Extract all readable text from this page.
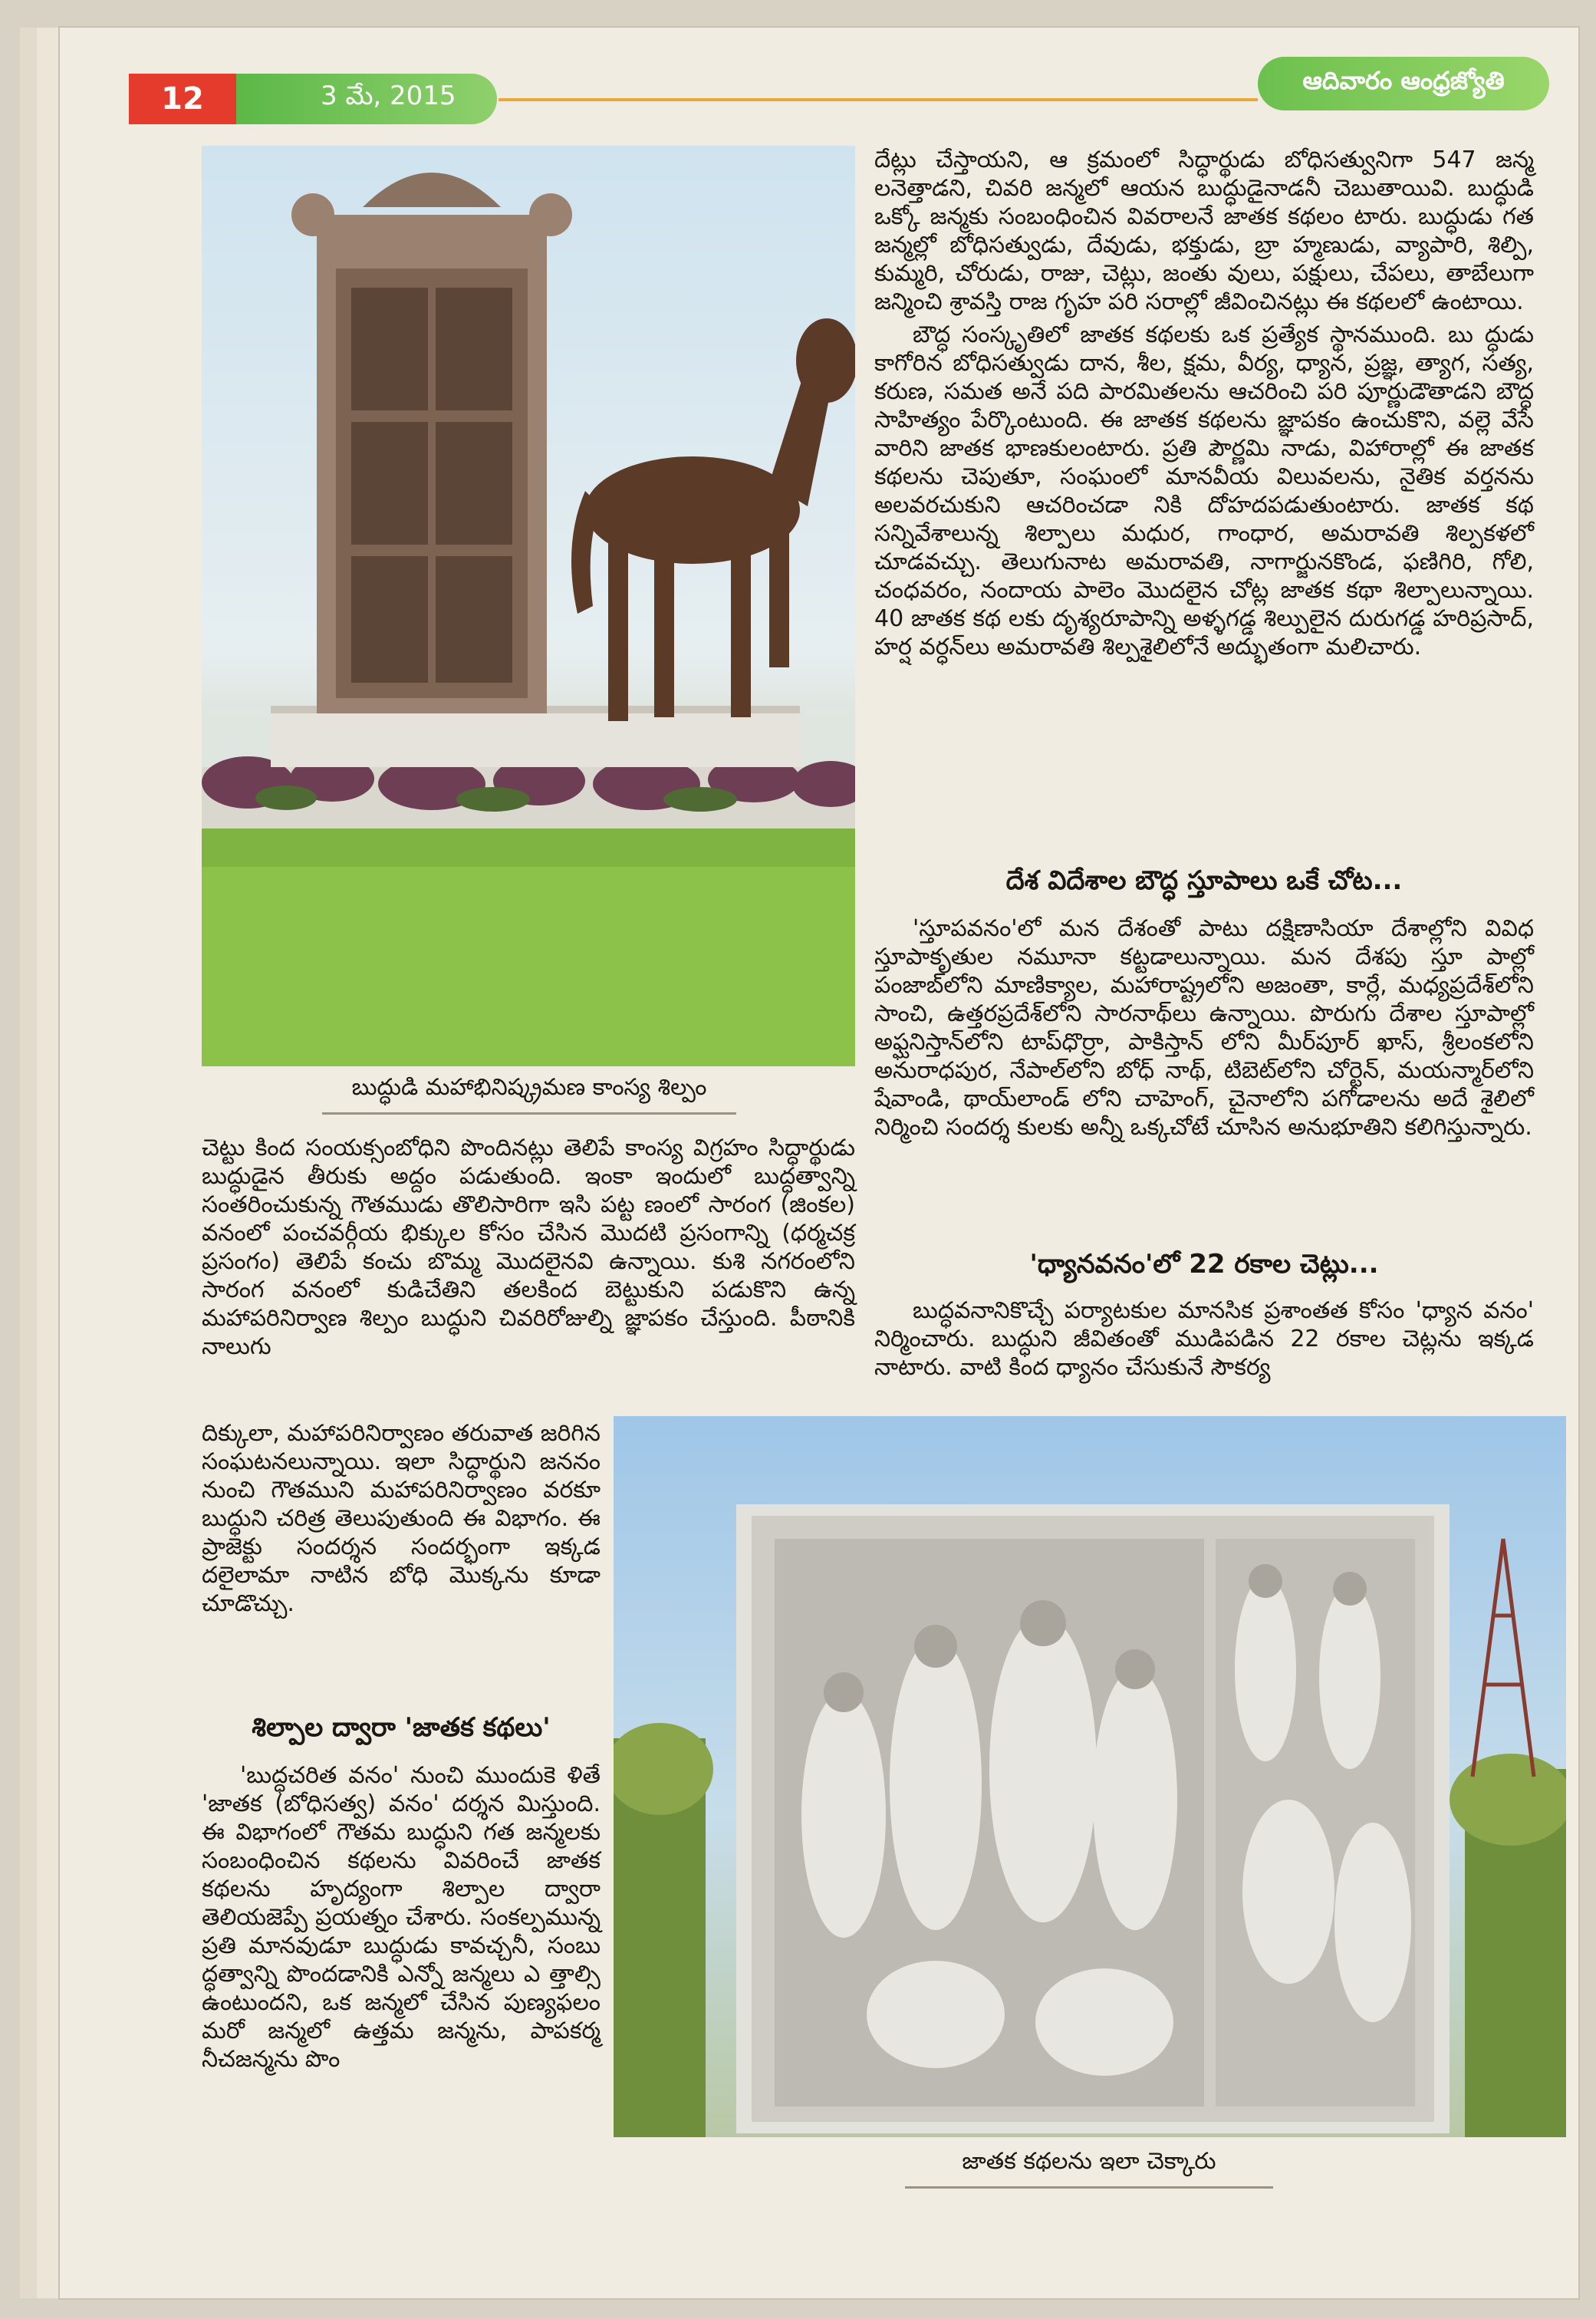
12	3 మే, 2015	ఆదివారం ఆంధ్రజ్యోతి
బుద్ధుడి మహాభినిష్క్రమణ కాంస్య శిల్పం

దేట్లు చేస్తాయని, ఆ క్రమంలో సిద్ధార్థుడు బోధిసత్వునిగా 547 జన్మ లనెత్తాడని, చివరి జన్మలో ఆయన బుద్ధుడైనాడనీ చెబుతాయివి. బుద్ధుడి ఒక్కో జన్మకు సంబంధించిన వివరాలనే జాతక కథలం టారు. బుద్ధుడు గత జన్మల్లో బోధిసత్వుడు, దేవుడు, భక్తుడు, బ్రా హ్మణుడు, వ్యాపారి, శిల్పి, కుమ్మరి, చోరుడు, రాజు, చెట్లు, జంతు వులు, పక్షులు, చేపలు, తాబేలుగా జన్మించి శ్రావస్తి రాజ గృహ పరి సరాల్లో జీవించినట్లు ఈ కథలలో ఉంటాయి.

బౌద్ధ సంస్కృతిలో జాతక కథలకు ఒక ప్రత్యేక స్థానముంది. బు ద్ధుడు కాగోరిన బోధిసత్వుడు దాన, శీల, క్షమ, వీర్య, ధ్యాన, ప్రజ్ఞ, త్యాగ, సత్య, కరుణ, సమత అనే పది పారమితలను ఆచరించి పరి పూర్ణుడౌతాడని బౌద్ధ సాహిత్యం పేర్కొంటుంది. ఈ జాతక కథలను జ్ఞాపకం ఉంచుకొని, వల్లె వేసే వారిని జాతక భాణకులంటారు. ప్రతి పౌర్ణమి నాడు, విహారాల్లో ఈ జాతక కథలను చెపుతూ, సంఘంలో మానవీయ విలువలను, నైతిక వర్తనను అలవరచుకుని ఆచరించడా నికి దోహదపడుతుంటారు. జాతక కథ సన్నివేశాలున్న శిల్పాలు మధుర, గాంధార, అమరావతి శిల్పకళలో చూడవచ్చు. తెలుగునాట అమరావతి, నాగార్జునకొండ, ఫణిగిరి, గోలి, చంధవరం, నందాయ పాలెం మొదలైన చోట్ల జాతక కథా శిల్పాలున్నాయి. 40 జాతక కథ లకు దృశ్యరూపాన్ని అళ్ళగడ్డ శిల్పులైన దురుగడ్డ హరిప్రసాద్, హర్ష వర్ధన్‌లు అమరావతి శిల్పశైలిలోనే అద్భుతంగా మలిచారు.

దేశ విదేశాల బౌద్ధ స్తూపాలు ఒకే చోట...

'స్తూపవనం'లో మన దేశంతో పాటు దక్షిణాసియా దేశాల్లోని వివిధ స్తూపాకృతుల నమూనా కట్టడాలున్నాయి. మన దేశపు స్తూ పాల్లో పంజాబ్‌లోని మాణిక్యాల, మహారాష్ట్రలోని అజంతా, కార్లే, మధ్యప్రదేశ్‌లోని సాంచి, ఉత్తరప్రదేశ్‌లోని సారనాథ్‌లు ఉన్నాయి. పొరుగు దేశాల స్తూపాల్లో అఫ్ఘనిస్తాన్‌లోని టాప్‌ధొర్రా, పాకిస్తాన్ లోని మీర్‌పూర్ ఖాస్, శ్రీలంకలోని అనురాధపుర, నేపాల్‌లోని బోధ్ నాథ్, టిబెట్‌లోని చోర్టెన్, మయన్మార్‌లోని షేవాండి, థాయ్‌లాండ్ లోని చాహెంగ్, చైనాలోని పగోడాలను అదే శైలిలో నిర్మించి సందర్శ కులకు అన్నీ ఒక్కచోటే చూసిన అనుభూతిని కలిగిస్తున్నారు.

'ధ్యానవనం'లో 22 రకాల చెట్లు...

బుద్ధవనానికొచ్చే పర్యాటకుల మానసిక ప్రశాంతత కోసం 'ధ్యాన వనం' నిర్మించారు. బుద్ధుని జీవితంతో ముడిపడిన 22 రకాల చెట్లను ఇక్కడ నాటారు. వాటి కింద ధ్యానం చేసుకునే సౌకర్య

చెట్టు కింద సంయక్సంబోధిని పొందినట్లు తెలిపే కాంస్య విగ్రహం సిద్ధార్థుడు బుద్ధుడైన తీరుకు అద్దం పడుతుంది. ఇంకా ఇందులో బుద్ధత్వాన్ని సంతరించుకున్న గౌతముడు తొలిసారిగా ఇసి పట్ట ణంలో సారంగ (జింకల) వనంలో పంచవర్గీయ భిక్కుల కోసం చేసిన మొదటి ప్రసంగాన్ని (ధర్మచక్ర ప్రసంగం) తెలిపే కంచు బొమ్మ మొదలైనవి ఉన్నాయి. కుశి నగరంలోని సారంగ వనంలో కుడిచేతిని తలకింద బెట్టుకుని పడుకొని ఉన్న మహాపరినిర్వాణ శిల్పం బుద్ధుని చివరిరోజుల్ని జ్ఞాపకం చేస్తుంది. పీఠానికి నాలుగు

దిక్కులా, మహాపరినిర్వాణం తరువాత జరిగిన సంఘటనలున్నాయి. ఇలా సిద్ధార్థుని జననం నుంచి గౌతముని మహాపరినిర్వాణం వరకూ బుద్ధుని చరిత్ర తెలుపుతుంది ఈ విభాగం. ఈ ప్రాజెక్టు సందర్శన సందర్భంగా ఇక్కడ దలైలామా నాటిన బోధి మొక్కను కూడా చూడొచ్చు.

శిల్పాల ద్వారా 'జాతక కథలు'

'బుద్ధచరిత వనం' నుంచి ముందుకె ళితే 'జాతక (బోధిసత్వ) వనం' దర్శన మిస్తుంది. ఈ విభాగంలో గౌతమ బుద్ధుని గత జన్మలకు సంబంధించిన కథలను వివరించే జాతక కథలను హృద్యంగా శిల్పాల ద్వారా తెలియజెప్పే ప్రయత్నం చేశారు. సంకల్పమున్న ప్రతి మానవుడూ బుద్ధుడు కావచ్చనీ, సంబు ద్ధత్వాన్ని పొందడానికి ఎన్నో జన్మలు ఎ త్తాల్సి ఉంటుందని, ఒక జన్మలో చేసిన పుణ్యఫలం మరో జన్మలో ఉత్తమ జన్మను, పాపకర్మ నీచజన్మను పొం

జాతక కథలను ఇలా చెక్కారు
